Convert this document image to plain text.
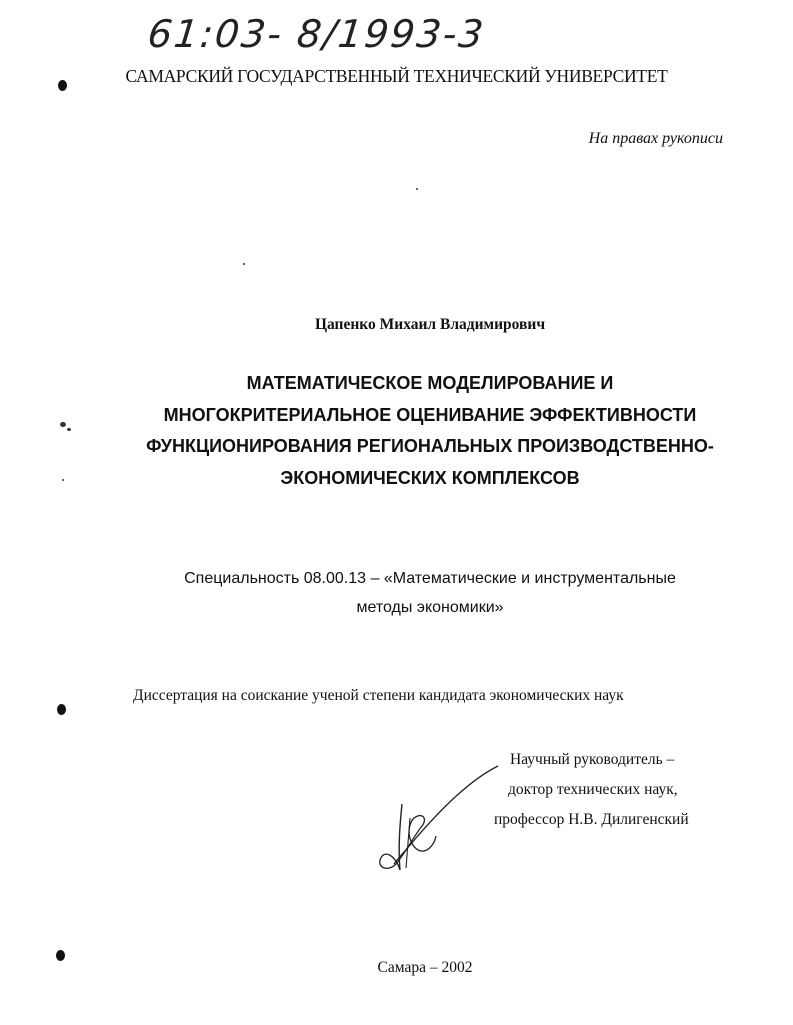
61:03- 8/1993-3
САМАРСКИЙ ГОСУДАРСТВЕННЫЙ ТЕХНИЧЕСКИЙ УНИВЕРСИТЕТ
На правах рукописи
Цапенко Михаил Владимирович
МАТЕМАТИЧЕСКОЕ МОДЕЛИРОВАНИЕ И
МНОГОКРИТЕРИАЛЬНОЕ ОЦЕНИВАНИЕ ЭФФЕКТИВНОСТИ
ФУНКЦИОНИРОВАНИЯ РЕГИОНАЛЬНЫХ ПРОИЗВОДСТВЕННО-
ЭКОНОМИЧЕСКИХ КОМПЛЕКСОВ
Специальность 08.00.13 – «Математические и инструментальные
методы экономики»
Диссертация на соискание ученой степени кандидата экономических наук
Научный руководитель –
доктор технических наук,
профессор Н.В. Дилигенский
Самара – 2002
